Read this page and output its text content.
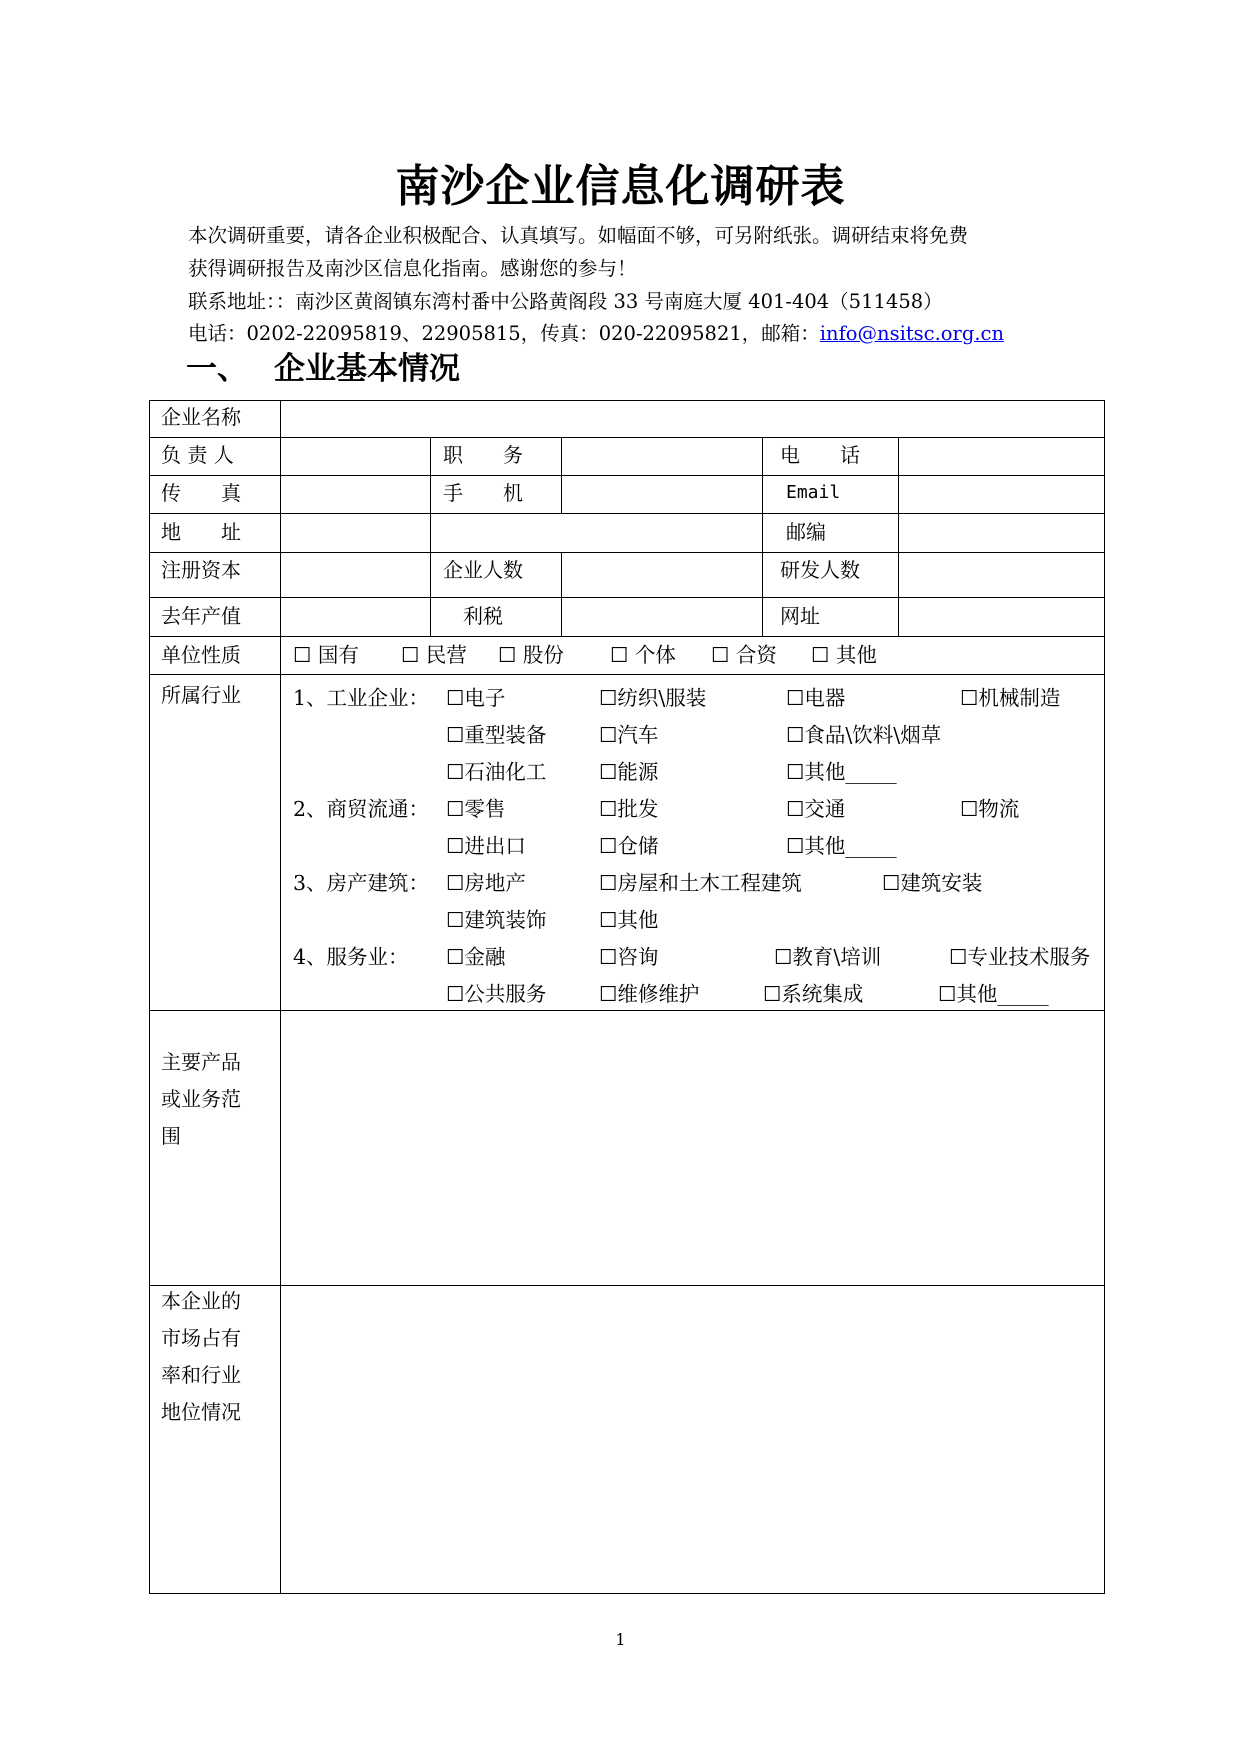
南沙企业信息化调研表
本次调研重要，请各企业积极配合、认真填写。如幅面不够，可另附纸张。调研结束将免费
获得调研报告及南沙区信息化指南。感谢您的参与！
联系地址：：南沙区黄阁镇东湾村番中公路黄阁段 33 号南庭大厦 401-404（511458）
电话：0202-22095819、22905815，传真：020-22095821，邮箱：info@nsitsc.org.cn
一、 企业基本情况
企业名称
负 责 人	职　　务	电　　话
传　　真	手　　机	Email
地　　址	邮编
注册资本	企业人数	研发人数
去年产值	利税	网址
单位性质	☐ 国有 ☐ 民营 ☐ 股份 ☐ 个体 ☐ 合资 ☐ 其他
所属行业	1、工业企业： ☐电子	☐纺织\服装	☐电器	☐机械制造
☐重型装备	☐汽车	☐食品\饮料\烟草
☐石油化工	☐能源	☐其他_____
2、商贸流通： ☐零售	☐批发	☐交通	☐物流
☐进出口	☐仓储	☐其他_____
3、房产建筑： ☐房地产	☐房屋和土木工程建筑	☐建筑安装
☐建筑装饰	☐其他
4、服务业： ☐金融	☐咨询	☐教育\培训	☐专业技术服务
☐公共服务	☐维修维护	☐系统集成	☐其他_____
主要产品
或业务范
围
本企业的
市场占有
率和行业
地位情况
1
